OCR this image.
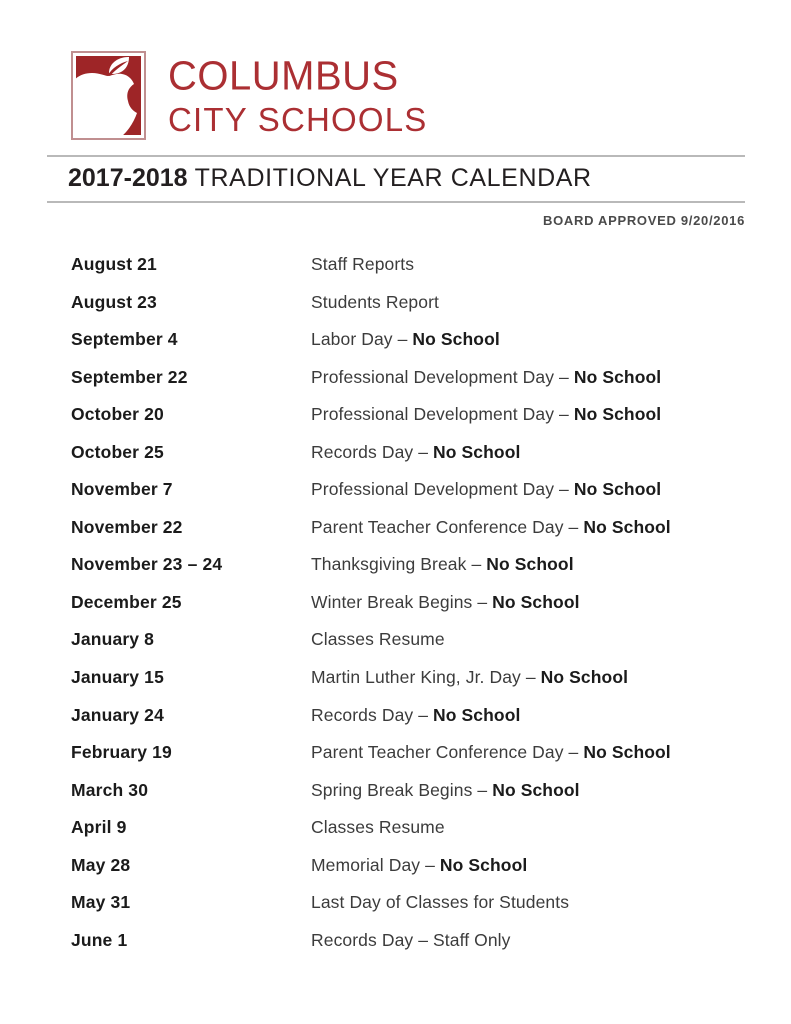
COLUMBUS
CITY SCHOOLS
2017-2018 TRADITIONAL YEAR CALENDAR
BOARD APPROVED 9/20/2016
August 21	Staff Reports
August 23	Students Report
September 4	Labor Day – No School
September 22	Professional Development Day – No School
October 20	Professional Development Day – No School
October 25	Records Day – No School
November 7	Professional Development Day – No School
November 22	Parent Teacher Conference Day – No School
November 23 – 24	Thanksgiving Break – No School
December 25	Winter Break Begins – No School
January 8	Classes Resume
January 15	Martin Luther King, Jr. Day – No School
January 24	Records Day – No School
February 19	Parent Teacher Conference Day – No School
March 30	Spring Break Begins – No School
April 9	Classes Resume
May 28	Memorial Day – No School
May 31	Last Day of Classes for Students
June 1	Records Day – Staff Only
